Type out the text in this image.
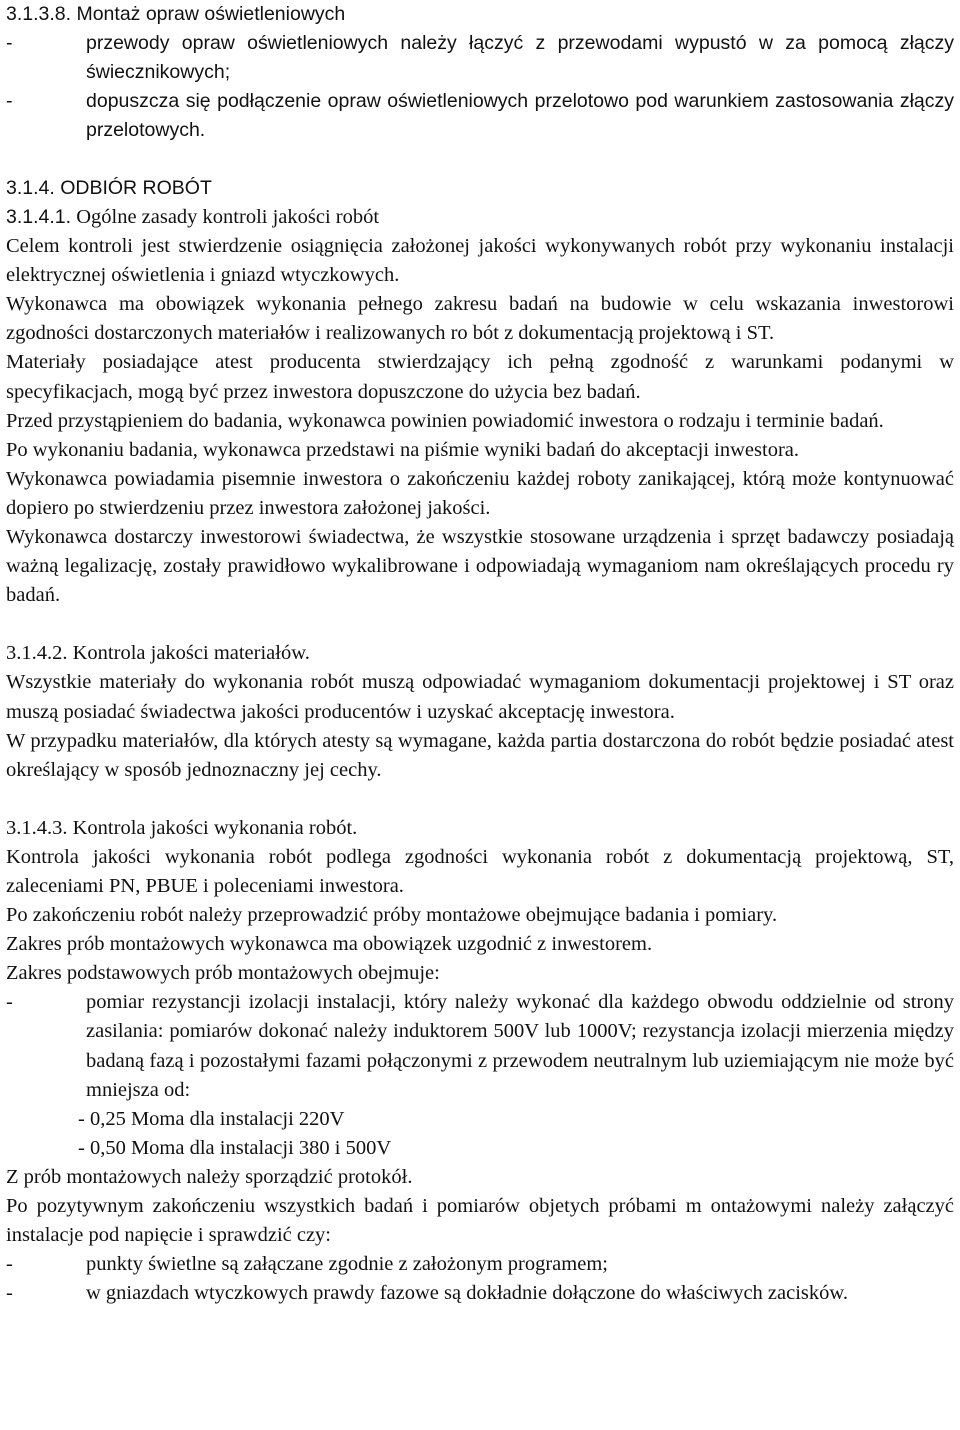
3.1.3.8. Montaż opraw oświetleniowych

-	przewody opraw oświetleniowych należy łączyć z przewodami wypustó w za pomocą złączy świecznikowych;
-	dopuszcza się podłączenie opraw oświetleniowych przelotowo pod warunkiem zastosowania złączy przelotowych.

3.1.4. ODBIÓR ROBÓT

3.1.4.1. Ogólne zasady kontroli jakości robót

Celem kontroli jest stwierdzenie osiągnięcia założonej jakości wykonywanych robót przy wykonaniu instalacji elektrycznej oświetlenia i gniazd wtyczkowych.

Wykonawca ma obowiązek wykonania pełnego zakresu badań na budowie w celu wskazania inwestorowi zgodności dostarczonych materiałów i realizowanych ro bót z dokumentacją projektową i ST.

Materiały posiadające atest producenta stwierdzający ich pełną zgodność z warunkami podanymi w specyfikacjach, mogą być przez inwestora dopuszczone do użycia bez badań.

Przed przystąpieniem do badania, wykonawca powinien powiadomić inwestora o rodzaju i terminie badań.

Po wykonaniu badania, wykonawca przedstawi na piśmie wyniki badań do akceptacji inwestora.

Wykonawca powiadamia pisemnie inwestora o zakończeniu każdej roboty zanikającej, którą może kontynuować dopiero po stwierdzeniu przez inwestora założonej jakości.

Wykonawca dostarczy inwestorowi świadectwa, że wszystkie stosowane urządzenia i sprzęt badawczy posiadają ważną legalizację, zostały prawidłowo wykalibrowane i odpowiadają wymaganiom nam określających procedu ry badań.

3.1.4.2. Kontrola jakości materiałów.

Wszystkie materiały do wykonania robót muszą odpowiadać wymaganiom dokumentacji projektowej i ST oraz muszą posiadać świadectwa jakości producentów i uzyskać akceptację inwestora.

W przypadku materiałów, dla których atesty są wymagane, każda partia dostarczona do robót będzie posiadać atest określający w sposób jednoznaczny jej cechy.

3.1.4.3. Kontrola jakości wykonania robót.

Kontrola jakości wykonania robót podlega zgodności wykonania robót z dokumentacją projektową, ST, zaleceniami PN, PBUE i poleceniami inwestora.

Po zakończeniu robót należy przeprowadzić próby montażowe obejmujące badania i pomiary.

Zakres prób montażowych wykonawca ma obowiązek uzgodnić z inwestorem.

Zakres podstawowych prób montażowych obejmuje:

-	pomiar rezystancji izolacji instalacji, który należy wykonać dla każdego obwodu oddzielnie od strony zasilania: pomiarów dokonać należy induktorem 500V lub 1000V; rezystancja izolacji mierzenia między badaną fazą i pozostałymi fazami połączonymi z przewodem neutralnym lub uziemiającym nie może być mniejsza od:

- 0,25 Moma dla instalacji 220V

- 0,50 Moma dla instalacji 380 i 500V

Z prób montażowych należy sporządzić protokół.

Po pozytywnym zakończeniu wszystkich badań i pomiarów objetych próbami m ontażowymi należy załączyć instalacje pod napięcie i sprawdzić czy:

-	punkty świetlne są załączane zgodnie z założonym programem;
-	w gniazdach wtyczkowych prawdy fazowe są dokładnie dołączone do właściwych zacisków.
